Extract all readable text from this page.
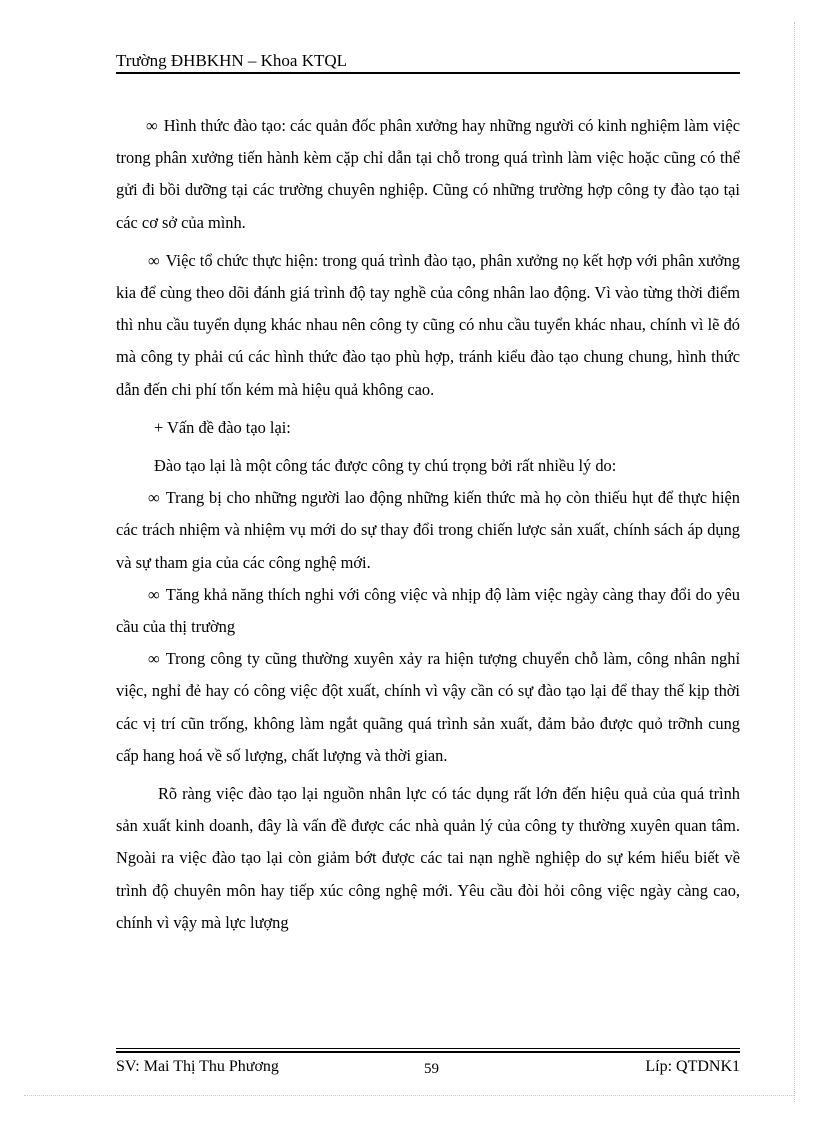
Trường ĐHBKHN – Khoa KTQL

∞ Hình thức đào tạo: các quản đốc phân xưởng hay những người có kinh nghiệm làm việc trong phân xưởng tiến hành kèm cặp chỉ dẫn tại chỗ trong quá trình làm việc hoặc cũng có thể gửi đi bồi dưỡng tại các trường chuyên nghiệp. Cũng có những trường hợp công ty đào tạo tại các cơ sở của mình.

∞ Việc tổ chức thực hiện: trong quá trình đào tạo, phân xưởng nọ kết hợp với phân xưởng kia để cùng theo dõi đánh giá trình độ tay nghề của công nhân lao động. Vì vào từng thời điểm thì nhu cầu tuyển dụng khác nhau nên công ty cũng có nhu cầu tuyển khác nhau, chính vì lẽ đó mà công ty phải cú các hình thức đào tạo phù hợp, tránh kiểu đào tạo chung chung, hình thức dẫn đến chi phí tốn kém mà hiệu quả không cao.

+ Vấn đề đào tạo lại:

Đào tạo lại là một công tác được công ty chú trọng bởi rất nhiều lý do:

∞ Trang bị cho những người lao động những kiến thức mà họ còn thiếu hụt để thực hiện các trách nhiệm và nhiệm vụ mới do sự thay đổi trong chiến lược sản xuất, chính sách áp dụng và sự tham gia của các công nghệ mới.

∞ Tăng khả năng thích nghi với công việc và nhịp độ làm việc ngày càng thay đổi do yêu cầu của thị trường

∞ Trong công ty cũng thường xuyên xảy ra hiện tượng chuyển chỗ làm, công nhân nghỉ việc, nghỉ đẻ hay có công việc đột xuất, chính vì vậy cần có sự đào tạo lại để thay thế kịp thời các vị trí cũn trống, không làm ngắt quãng quá trình sản xuất, đảm bảo được quỏ trỡnh cung cấp hang hoá về số lượng, chất lượng và thời gian.

Rõ ràng việc đào tạo lại nguồn nhân lực có tác dụng rất lớn đến hiệu quả của quá trình sản xuất kinh doanh, đây là vấn đề được các nhà quản lý của công ty thường xuyên quan tâm. Ngoài ra việc đào tạo lại còn giảm bớt được các tai nạn nghề nghiệp do sự kém hiểu biết về trình độ chuyên môn hay tiếp xúc công nghệ mới. Yêu cầu đòi hỏi công việc ngày càng cao, chính vì vậy mà lực lượng

SV: Mai Thị Thu Phương	59	Líp: QTDNK1
